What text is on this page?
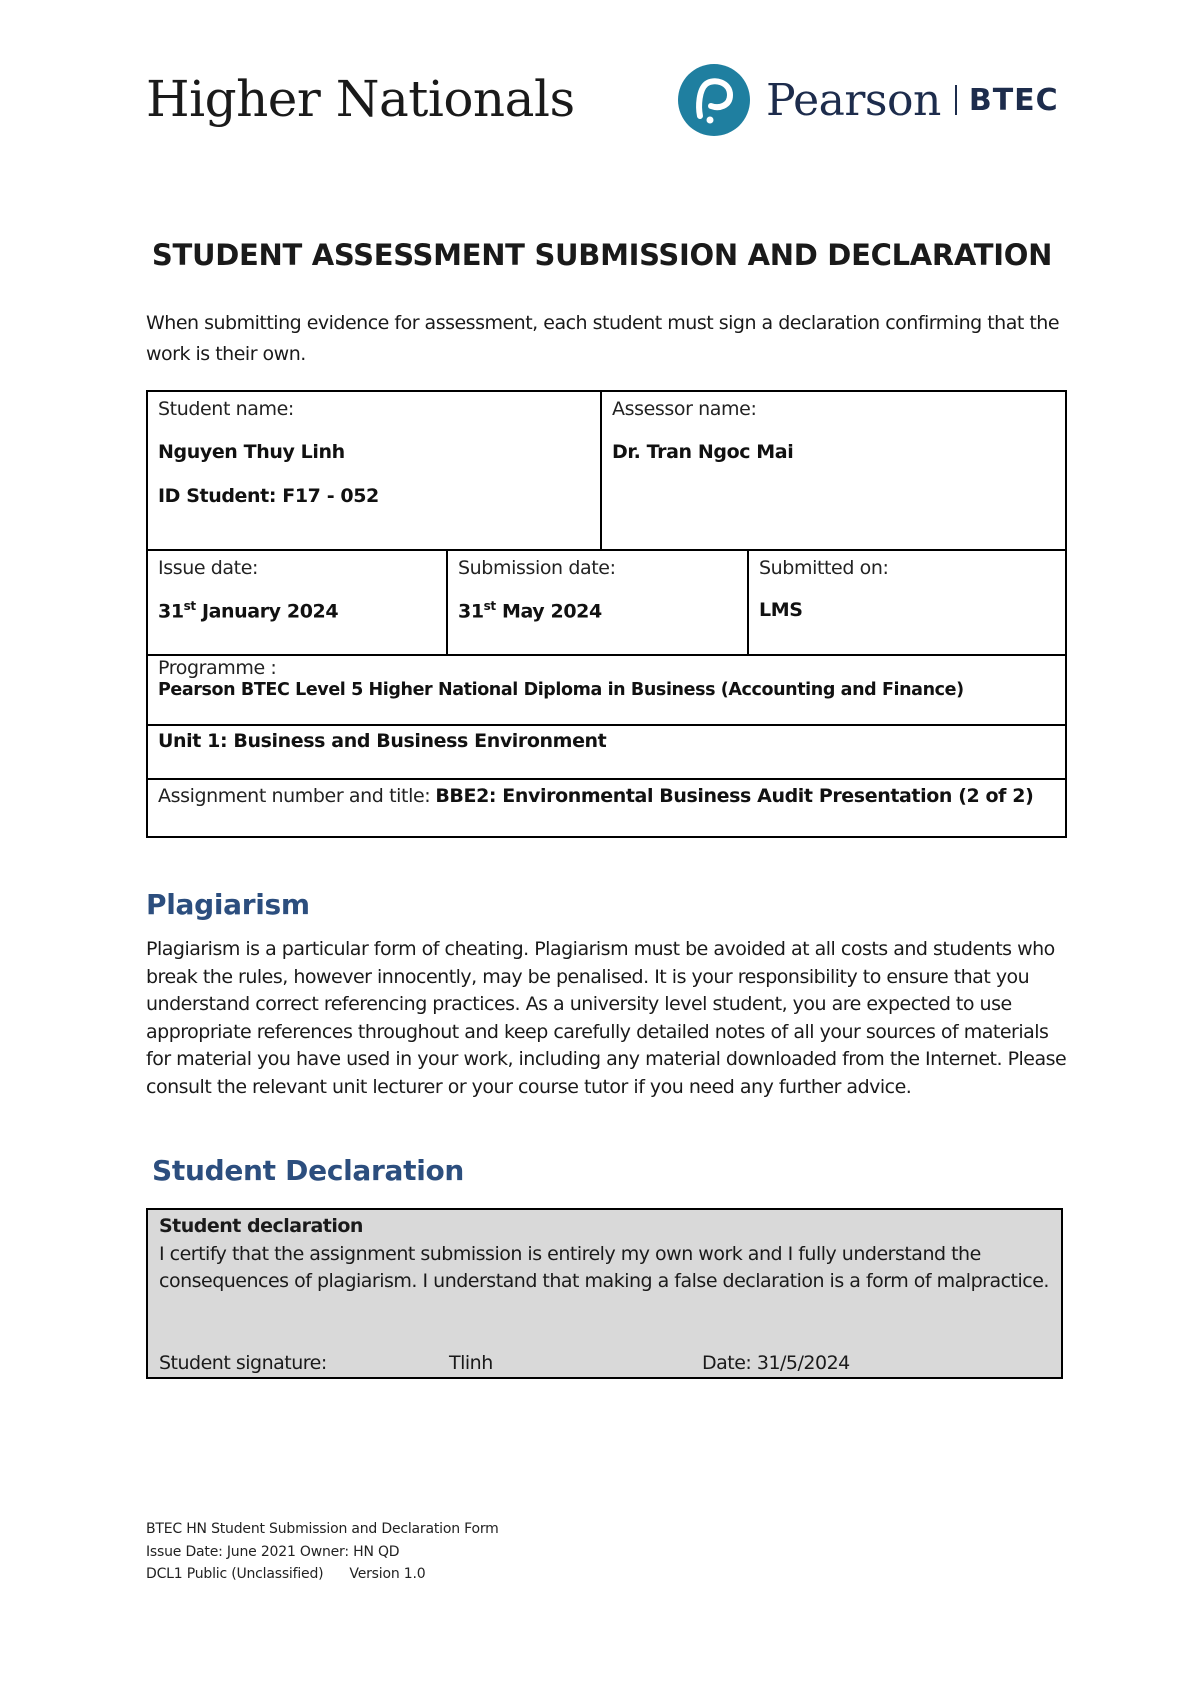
Higher Nationals	Pearson BTEC
STUDENT ASSESSMENT SUBMISSION AND DECLARATION
When submitting evidence for assessment, each student must sign a declaration confirming that the work is their own.
Student name:
Nguyen Thuy Linh
ID Student: F17 - 052
Assessor name:
Dr. Tran Ngoc Mai
Issue date:
31st January 2024
Submission date:
31st May 2024
Submitted on:
LMS
Programme :
Pearson BTEC Level 5 Higher National Diploma in Business (Accounting and Finance)
Unit 1: Business and Business Environment
Assignment number and title: BBE2: Environmental Business Audit Presentation (2 of 2)
Plagiarism
Plagiarism is a particular form of cheating. Plagiarism must be avoided at all costs and students who break the rules, however innocently, may be penalised. It is your responsibility to ensure that you understand correct referencing practices. As a university level student, you are expected to use appropriate references throughout and keep carefully detailed notes of all your sources of materials for material you have used in your work, including any material downloaded from the Internet. Please consult the relevant unit lecturer or your course tutor if you need any further advice.
Student Declaration
Student declaration
I certify that the assignment submission is entirely my own work and I fully understand the consequences of plagiarism. I understand that making a false declaration is a form of malpractice.
Student signature:	Tlinh	Date: 31/5/2024
BTEC HN Student Submission and Declaration Form
Issue Date: June 2021 Owner: HN QD
DCL1 Public (Unclassified) Version 1.0
